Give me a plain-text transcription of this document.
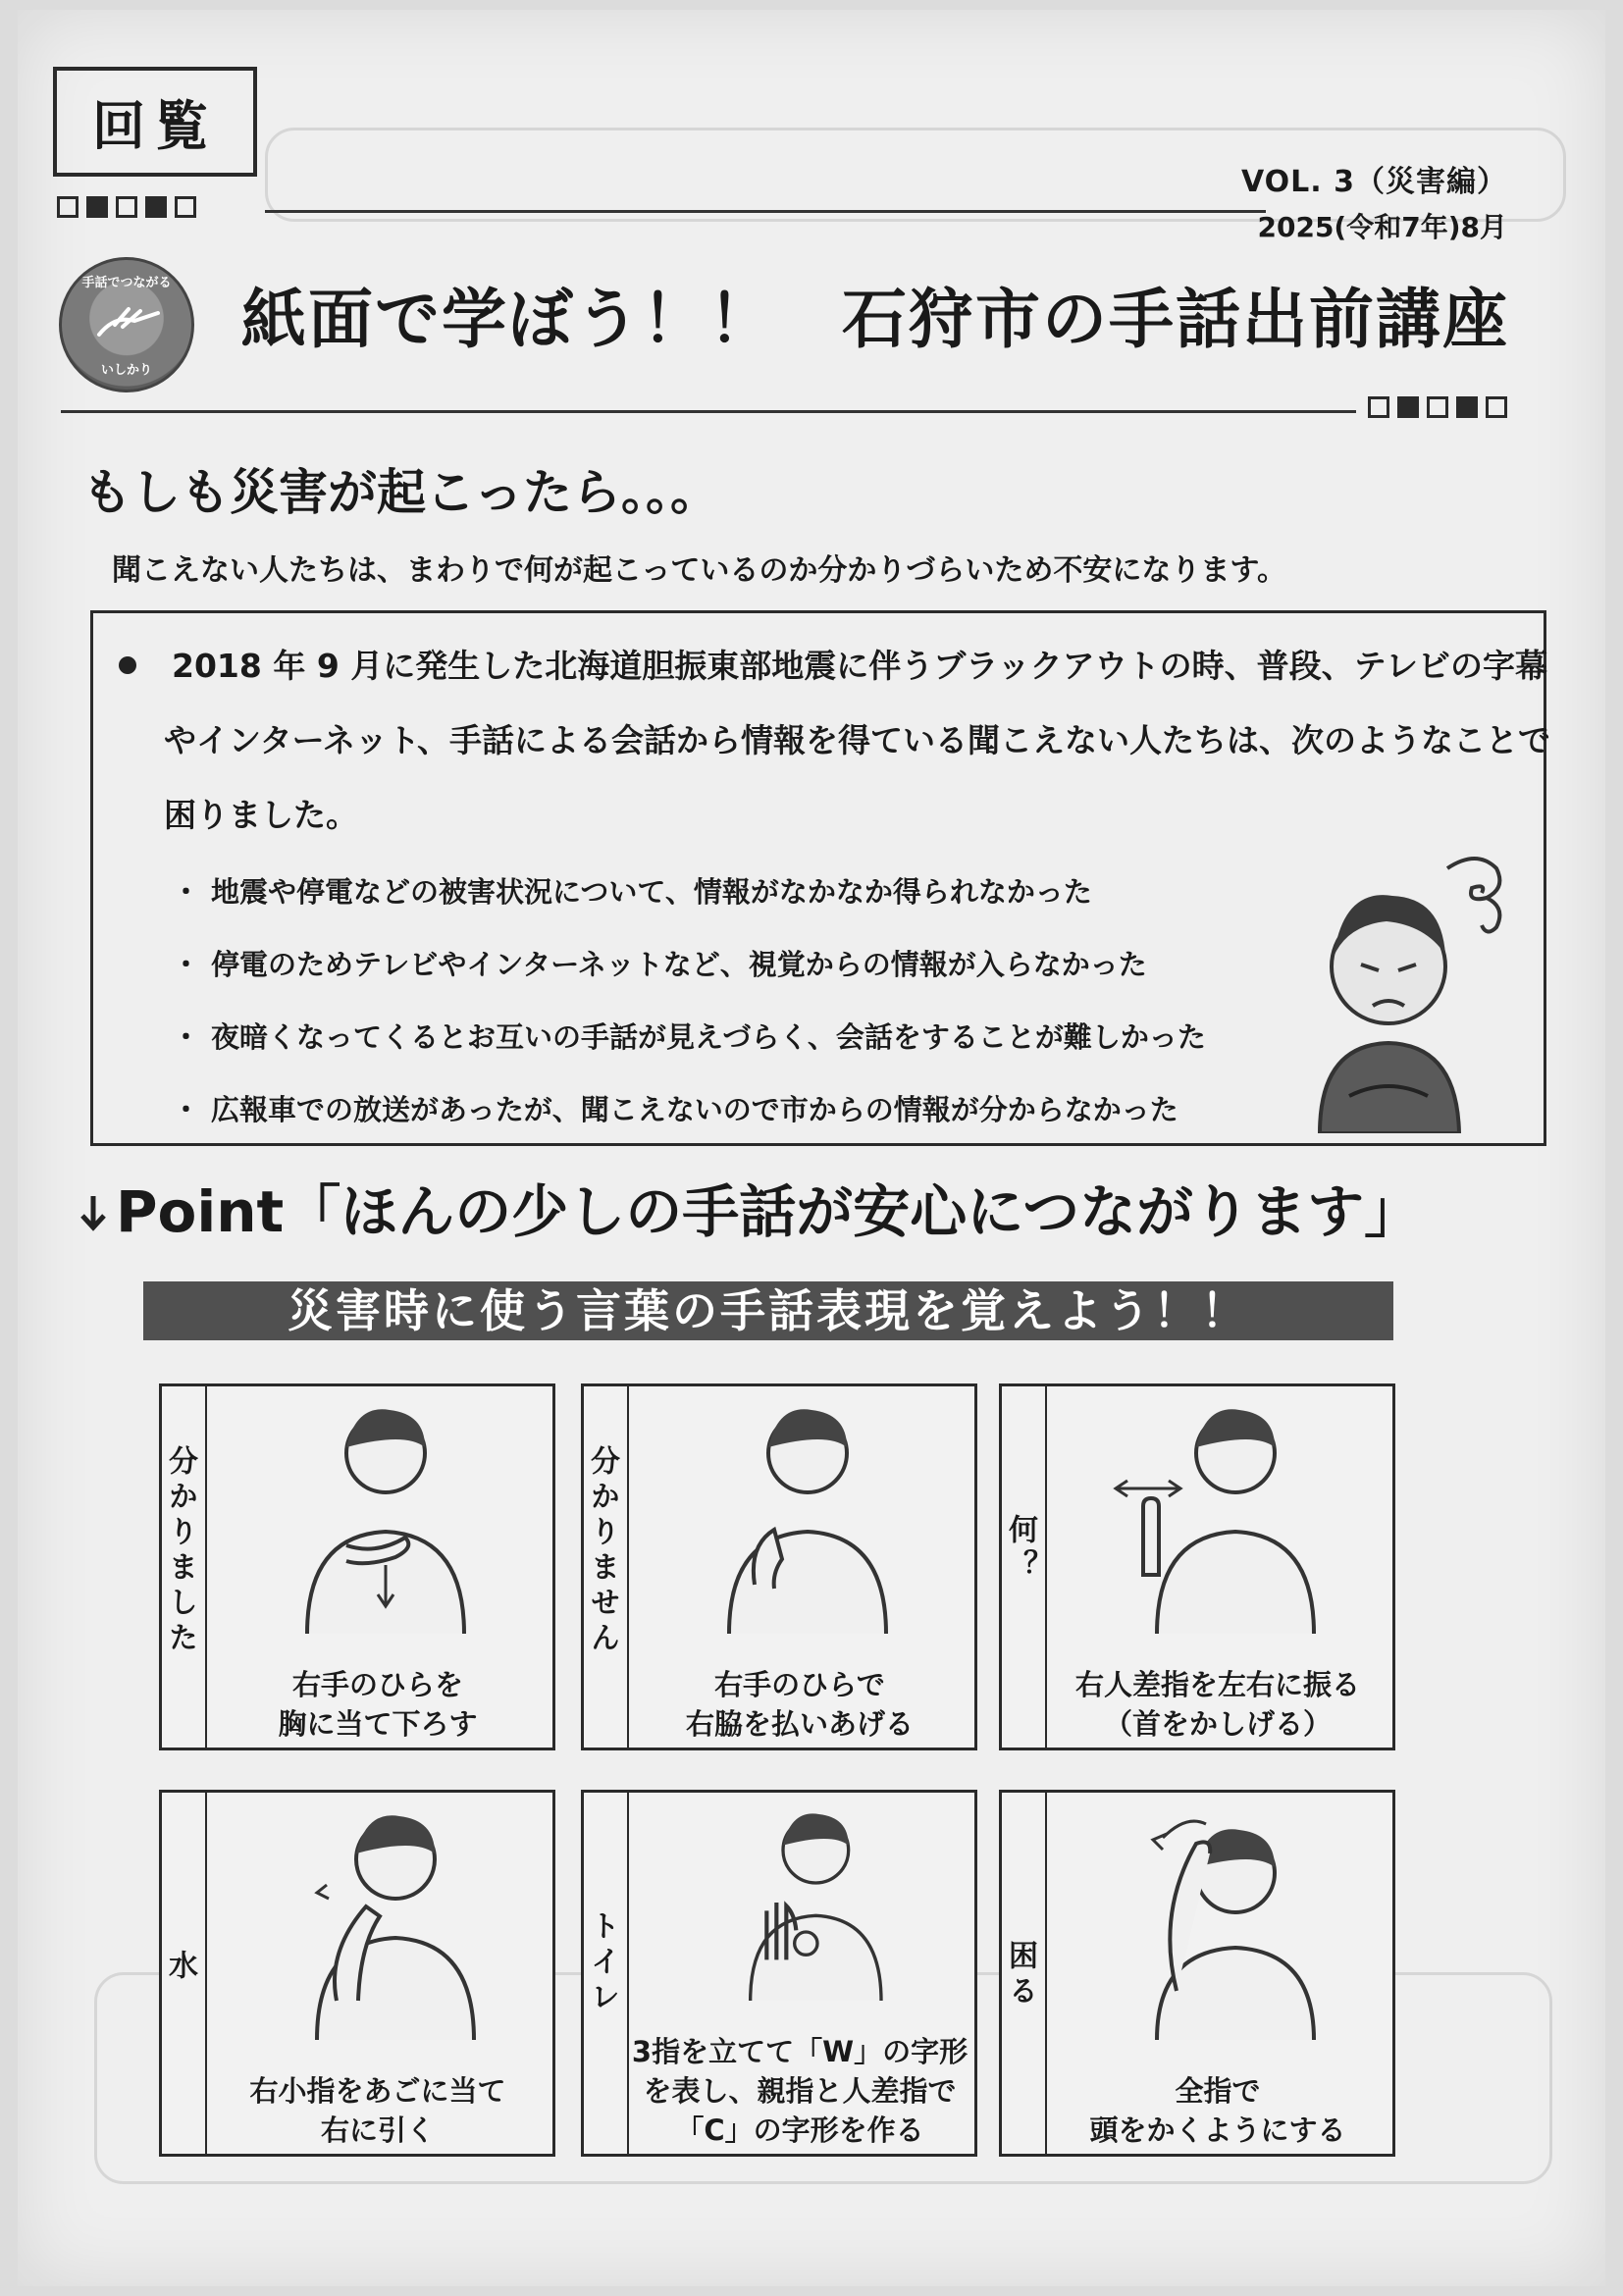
回覧
VOL. 3（災害編）
2025(令和7年)8月
手話でつながる
いしかり
紙面で学ぼう！！　石狩市の手話出前講座
もしも災害が起こったら。。。
聞こえない人たちは、まわりで何が起こっているのか分かりづらいため不安になります。
2018 年 9 月に発生した北海道胆振東部地震に伴うブラックアウトの時、普段、テレビの字幕
やインターネット、手話による会話から情報を得ている聞こえない人たちは、次のようなことで
困りました。
・ 地震や停電などの被害状況について、情報がなかなか得られなかった
・ 停電のためテレビやインターネットなど、視覚からの情報が入らなかった
・ 夜暗くなってくるとお互いの手話が見えづらく、会話をすることが難しかった
・ 広報車での放送があったが、聞こえないので市からの情報が分からなかった
Point「ほんの少しの手話が安心につながります」
災害時に使う言葉の手話表現を覚えよう！！
分かりました
右手のひらを
胸に当て下ろす
分かりません
右手のひらで
右脇を払いあげる
何？
右人差指を左右に振る
（首をかしげる）
水
右小指をあごに当て
右に引く
トイレ
3指を立てて「W」の字形
を表し、親指と人差指で
「C」の字形を作る
困る
全指で
頭をかくようにする
